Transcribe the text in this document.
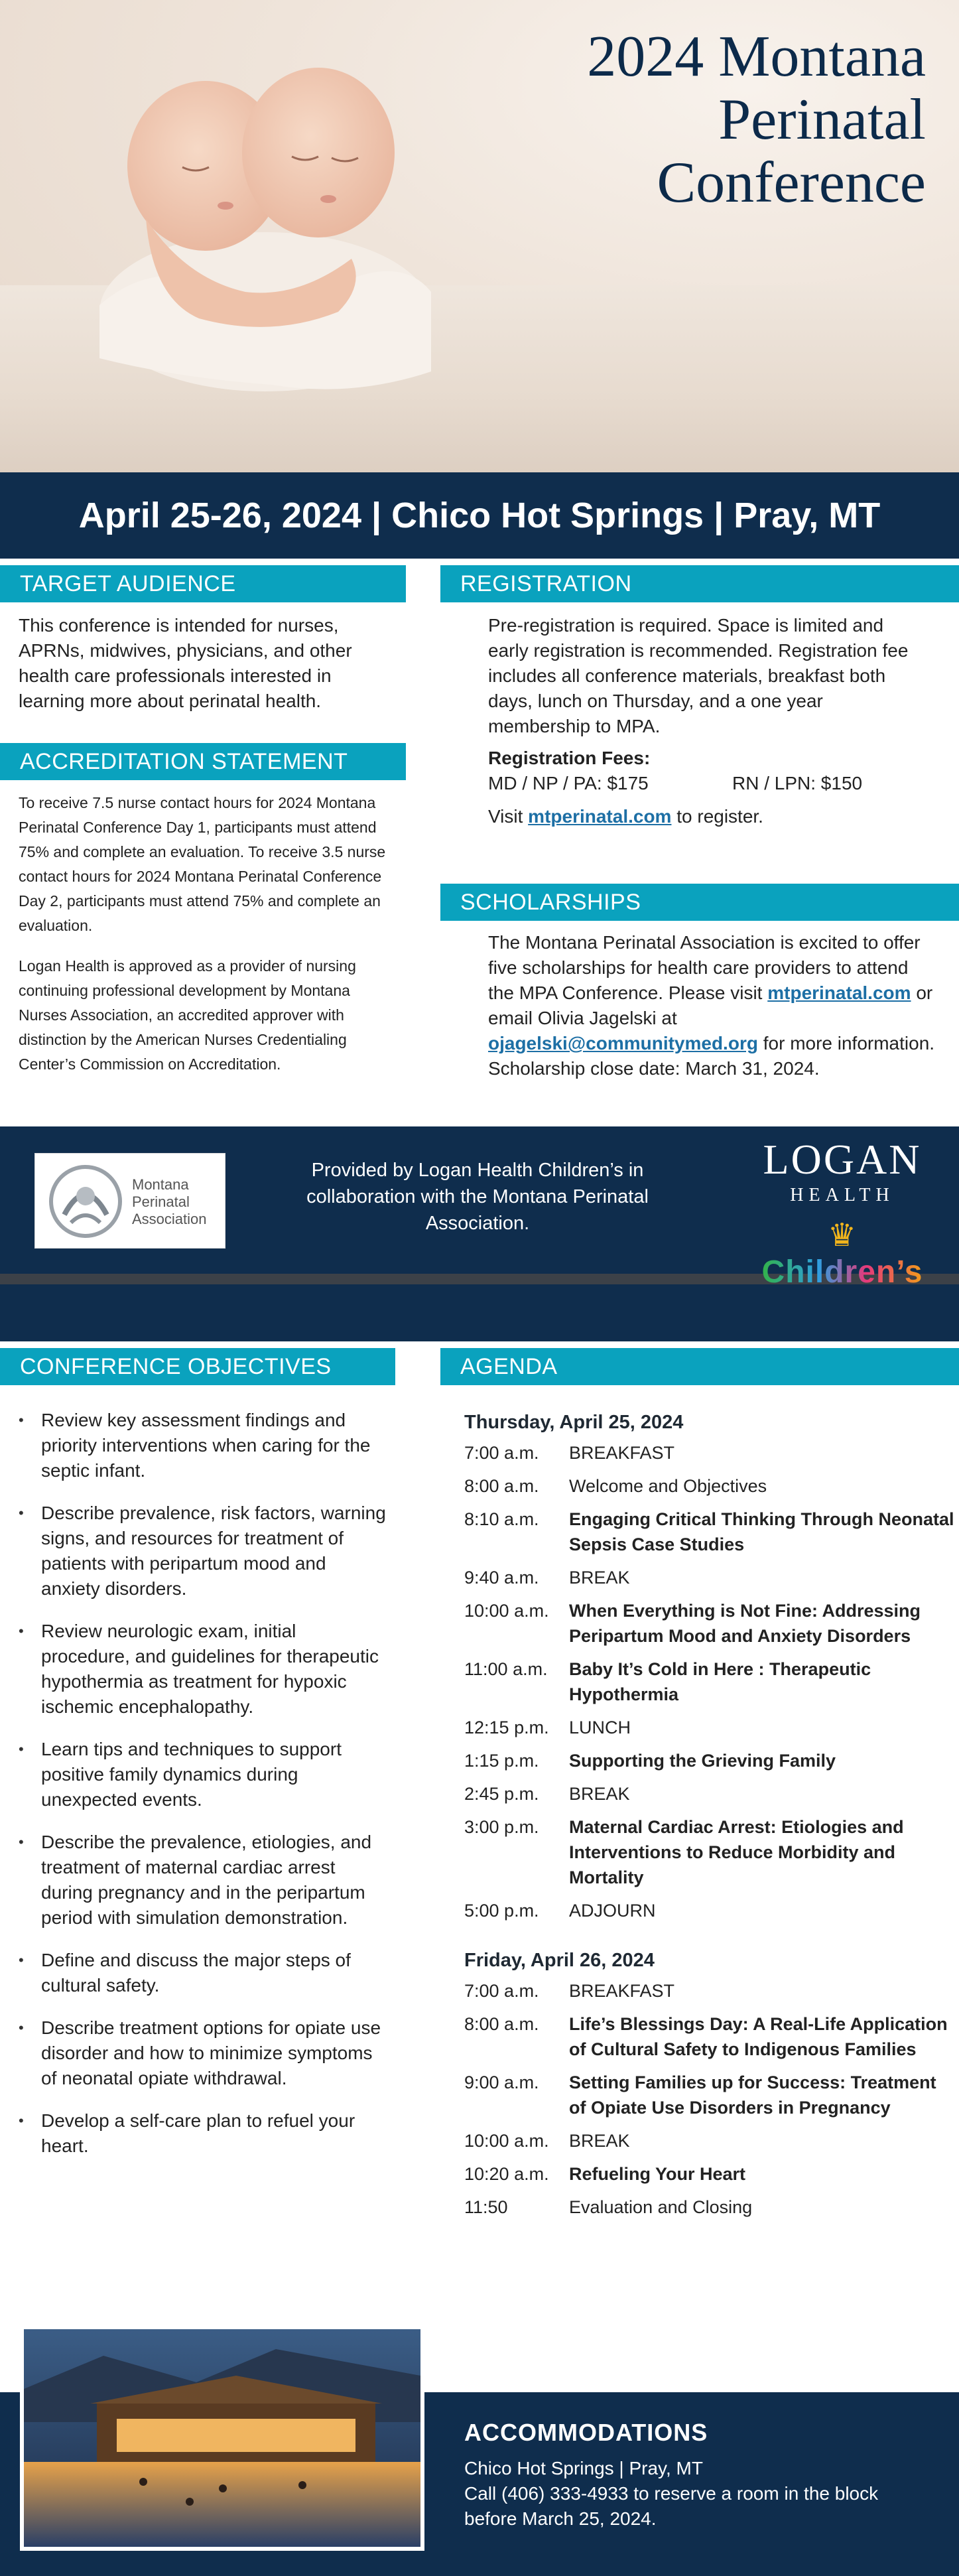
2024 Montana
Perinatal
Conference
April 25-26, 2024 | Chico Hot Springs | Pray, MT
TARGET AUDIENCE
This conference is intended for nurses, APRNs, midwives, physicians, and other health care professionals interested in learning more about perinatal health.
ACCREDITATION STATEMENT
To receive 7.5 nurse contact hours for 2024 Montana Perinatal Conference Day 1, participants must attend 75% and complete an evaluation. To receive 3.5 nurse contact hours for 2024 Montana Perinatal Conference Day 2, participants must attend 75% and complete an evaluation.
Logan Health is approved as a provider of nursing continuing professional development by Montana Nurses Association, an accredited approver with distinction by the American Nurses Credentialing Center’s Commission on Accreditation.
REGISTRATION
Pre-registration is required. Space is limited and early registration is recommended. Registration fee includes all conference materials, breakfast both days, lunch on Thursday, and a one year membership to MPA.
Registration Fees:
MD / NP / PA: $175	RN / LPN: $150
Visit mtperinatal.com to register.
SCHOLARSHIPS
The Montana Perinatal Association is excited to offer five scholarships for health care providers to attend the MPA Conference. Please visit mtperinatal.com or email Olivia Jagelski at ojagelski@communitymed.org for more information. Scholarship close date: March 31, 2024.
Montana
Perinatal
Association
Provided by Logan Health Children’s in collaboration with the Montana Perinatal Association.
LOGAN
HEALTH
♛ Children’s
CONFERENCE OBJECTIVES
• Review key assessment findings and priority interventions when caring for the septic infant.
• Describe prevalence, risk factors, warning signs, and resources for treatment of patients with peripartum mood and anxiety disorders.
• Review neurologic exam, initial procedure, and guidelines for therapeutic hypothermia as treatment for hypoxic ischemic encephalopathy.
• Learn tips and techniques to support positive family dynamics during unexpected events.
• Describe the prevalence, etiologies, and treatment of maternal cardiac arrest during pregnancy and in the peripartum period with simulation demonstration.
• Define and discuss the major steps of cultural safety.
• Describe treatment options for opiate use disorder and how to minimize symptoms of neonatal opiate withdrawal.
• Develop a self-care plan to refuel your heart.
AGENDA
Thursday, April 25, 2024
7:00 a.m.	BREAKFAST
8:00 a.m.	Welcome and Objectives
8:10 a.m.	Engaging Critical Thinking Through Neonatal Sepsis Case Studies
9:40 a.m.	BREAK
10:00 a.m.	When Everything is Not Fine: Addressing Peripartum Mood and Anxiety Disorders
11:00 a.m.	Baby It’s Cold in Here : Therapeutic Hypothermia
12:15 p.m.	LUNCH
1:15 p.m.	Supporting the Grieving Family
2:45 p.m.	BREAK
3:00 p.m.	Maternal Cardiac Arrest: Etiologies and Interventions to Reduce Morbidity and Mortality
5:00 p.m.	ADJOURN
Friday, April 26, 2024
7:00 a.m.	BREAKFAST
8:00 a.m.	Life’s Blessings Day: A Real-Life Application of Cultural Safety to Indigenous Families
9:00 a.m.	Setting Families up for Success: Treatment of Opiate Use Disorders in Pregnancy
10:00 a.m.	BREAK
10:20 a.m.	Refueling Your Heart
11:50	Evaluation and Closing
ACCOMMODATIONS
Chico Hot Springs | Pray, MT
Call (406) 333-4933 to reserve a room in the block before March 25, 2024.
